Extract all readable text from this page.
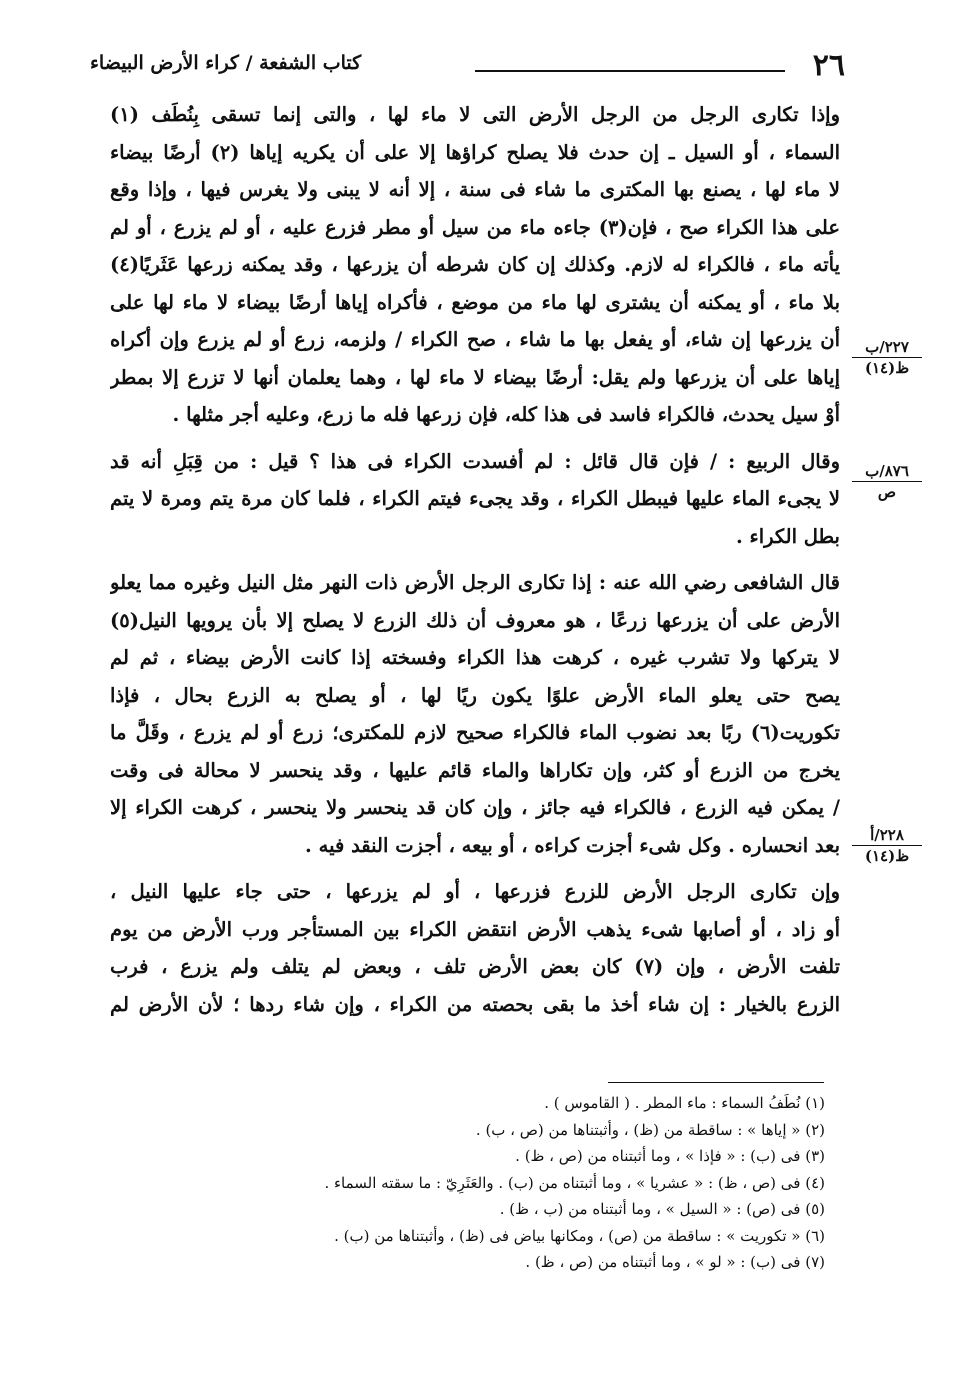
٢٦
كتاب الشفعة / كراء الأرض البيضاء
وإذا تكارى الرجل من الرجل الأرض التى لا ماء لها ، والتى إنما تسقى بِنُطَف (١)
السماء ، أو السيل ـ إن حدث فلا يصلح كراؤها إلا على أن يكريه إياها (٢) أرضًا بيضاء
لا ماء لها ، يصنع بها المكترى ما شاء فى سنة ، إلا أنه لا يبنى ولا يغرس فيها ، وإذا وقع
على هذا الكراء صح ، فإن(٣) جاءه ماء من سيل أو مطر فزرع عليه ، أو لم يزرع ، أو لم
يأته ماء ، فالكراء له لازم. وكذلك إن كان شرطه أن يزرعها ، وقد يمكنه زرعها عَثَريًا(٤)
بلا ماء ، أو يمكنه أن يشترى لها ماء من موضع ، فأكراه إياها أرضًا بيضاء لا ماء لها على
أن يزرعها إن شاء، أو يفعل بها ما شاء ، صح الكراء / ولزمه، زرع أو لم يزرع وإن أكراه
إياها على أن يزرعها ولم يقل: أرضًا بيضاء لا ماء لها ، وهما يعلمان أنها لا تزرع إلا بمطر
أوْ سيل يحدث، فالكراء فاسد فى هذا كله، فإن زرعها فله ما زرع، وعليه أجر مثلها .
وقال الربيع : / فإن قال قائل : لم أفسدت الكراء فى هذا ؟ قيل : من قِبَلِ أنه قد
لا يجىء الماء عليها فيبطل الكراء ، وقد يجىء فيتم الكراء ، فلما كان مرة يتم ومرة لا يتم
بطل الكراء .
قال الشافعى رضي الله عنه : إذا تكارى الرجل الأرض ذات النهر مثل النيل وغيره مما يعلو
الأرض على أن يزرعها زرعًا ، هو معروف أن ذلك الزرع لا يصلح إلا بأن يرويها النيل(٥)
لا يتركها ولا تشرب غيره ، كرهت هذا الكراء وفسخته إذا كانت الأرض بيضاء ، ثم لم
يصح حتى يعلو الماء الأرض علوًا يكون ريًا لها ، أو يصلح به الزرع بحال ، فإذا
تكوريت(٦) ربًا بعد نضوب الماء فالكراء صحيح لازم للمكترى؛ زرع أو لم يزرع ، وقَلَّ ما
يخرج من الزرع أو كثر، وإن تكاراها والماء قائم عليها ، وقد ينحسر لا محالة فى وقت
/ يمكن فيه الزرع ، فالكراء فيه جائز ، وإن كان قد ينحسر ولا ينحسر ، كرهت الكراء إلا
بعد انحساره . وكل شىء أجزت كراءه ، أو بيعه ، أجزت النقد فيه .
وإن تكارى الرجل الأرض للزرع فزرعها ، أو لم يزرعها ، حتى جاء عليها النيل ،
أو زاد ، أو أصابها شىء يذهب الأرض انتقض الكراء بين المستأجر ورب الأرض من يوم
تلفت الأرض ، وإن (٧) كان بعض الأرض تلف ، وبعض لم يتلف ولم يزرع ، فرب
الزرع بالخيار : إن شاء أخذ ما بقى بحصته من الكراء ، وإن شاء ردها ؛ لأن الأرض لم
٢٢٧/ب
ظ(١٤)
٨٧٦/ب
ص
٢٢٨/أ
ظ(١٤)
(١) نُطَفُ السماء : ماء المطر . ( القاموس ) .
(٢) « إياها » : ساقطة من (ظ) ، وأثبتناها من (ص ، ب) .
(٣) فى (ب) : « فإذا » ، وما أثبتناه من (ص ، ظ) .
(٤) فى (ص ، ظ) : « عشريا » ، وما أثبتناه من (ب) . والعَثَرِيّ : ما سقته السماء .
(٥) فى (ص) : « السيل » ، وما أثبتناه من (ب ، ظ) .
(٦) « تكوريت » : ساقطة من (ص) ، ومكانها بياض فى (ظ) ، وأثبتناها من (ب) .
(٧) فى (ب) : « لو » ، وما أثبتناه من (ص ، ظ) .
